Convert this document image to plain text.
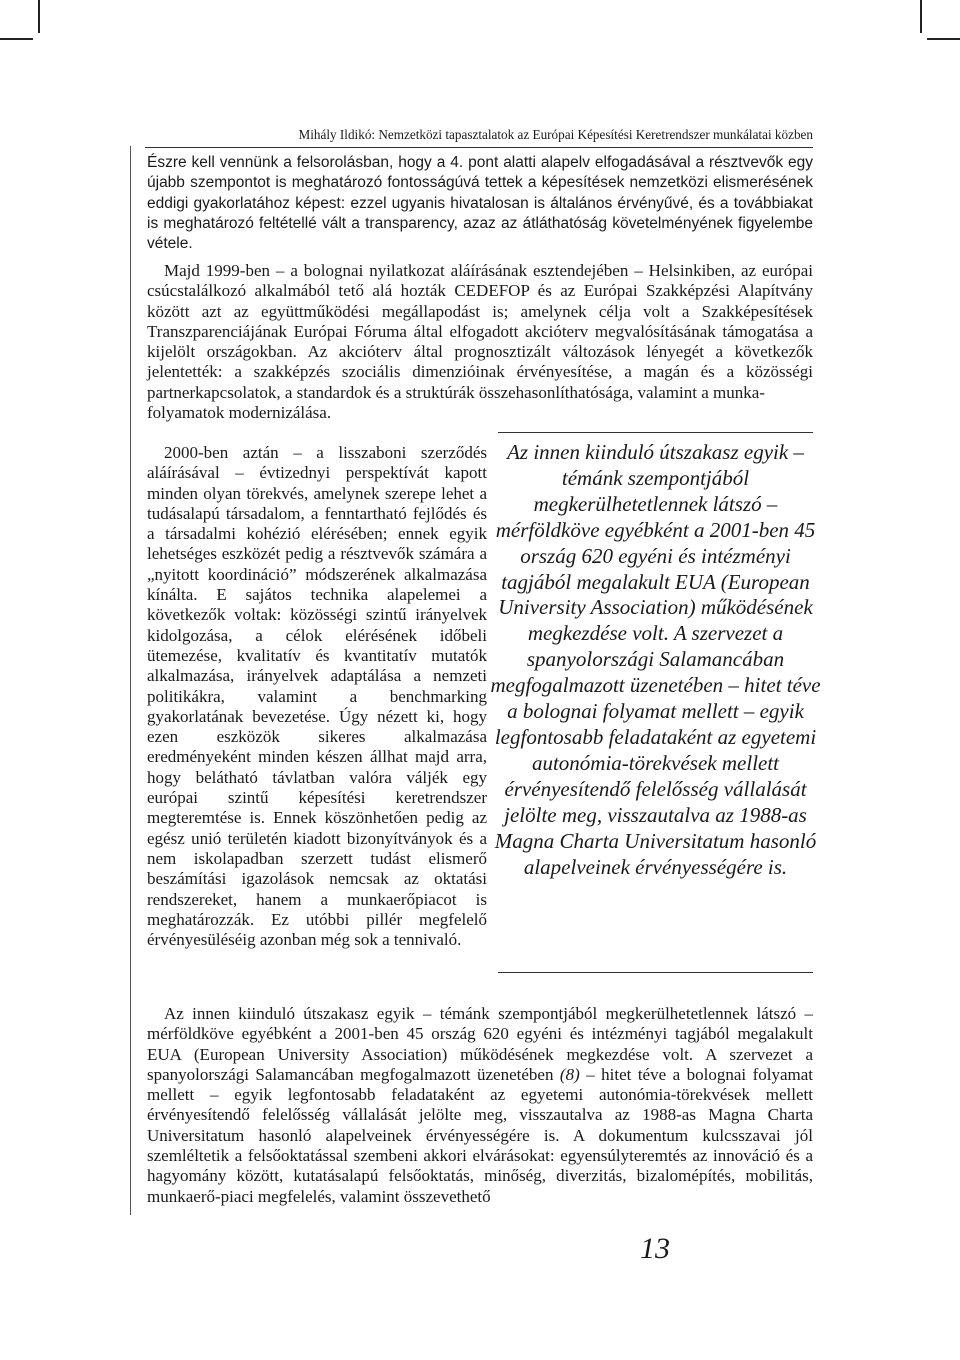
Mihály Ildikó: Nemzetközi tapasztalatok az Európai Képesítési Keretrendszer munkálatai közben

Észre kell vennünk a felsorolásban, hogy a 4. pont alatti alapelv elfogadásával a résztvevők egy újabb szempontot is meghatározó fontosságúvá tettek a képesítések nemzetközi elismerésének eddigi gyakorlatához képest: ezzel ugyanis hivatalosan is általános érvényűvé, és a továbbiakat is meghatározó feltétellé vált a transparency, azaz az átláthatóság követelményének figyelembe vétele.

Majd 1999-ben – a bolognai nyilatkozat aláírásának esztendejében – Helsinkiben, az európai csúcstalálkozó alkalmából tető alá hozták CEDEFOP és az Európai Szakképzési Alapítvány között azt az együttműködési megállapodást is; amelynek célja volt a Szakképesítések Transzparenciájának Európai Fóruma által elfogadott akcióterv megvalósításának támogatása a kijelölt országokban. Az akcióterv által prognosztizált változások lényegét a következők jelentették: a szakképzés szociális dimenzióinak érvényesítése, a magán és a közösségi partnerkapcsolatok, a standardok és a struktúrák összehasonlíthatósága, valamint a munka-

folyamatok modernizálása.

2000-ben aztán – a lisszaboni szerződés aláírásával – évtizednyi perspektívát kapott minden olyan törekvés, amelynek szerepe lehet a tudásalapú társadalom, a fenntartható fejlődés és a társadalmi kohézió elérésében; ennek egyik lehetséges eszközét pedig a résztvevők számára a „nyitott koordináció” módszerének alkalmazása kínálta. E sajátos technika alapelemei a következők voltak: közösségi szintű irányelvek kidolgozása, a célok elérésének időbeli ütemezése, kvalitatív és kvantitatív mutatók alkalmazása, irányelvek adaptálása a nemzeti politikákra, valamint a benchmarking gyakorlatának bevezetése. Úgy nézett ki, hogy ezen eszközök sikeres alkalmazása eredményeként minden készen állhat majd arra, hogy belátható távlatban valóra váljék egy európai szintű képesítési keretrendszer megteremtése is. Ennek köszönhetően pedig az egész unió területén kiadott bizonyítványok és a nem iskolapadban szerzett tudást elismerő beszámítási igazolások nemcsak az oktatási rendszereket, hanem a munkaerőpiacot is meghatározzák. Ez utóbbi pillér megfelelő érvényesüléséig azonban még sok a tennivaló.

Az innen kiinduló útszakasz egyik – témánk szempontjából megkerülhetetlennek látszó – mérföldköve egyébként a 2001-ben 45 ország 620 egyéni és intézményi tagjából megalakult EUA (European University Association) működésének megkezdése volt. A szervezet a spanyolországi Salamancában megfogalmazott üzenetében – hitet téve a bolognai folyamat mellett – egyik legfontosabb feladataként az egyetemi autonómia-törekvések mellett érvényesítendő felelősség vállalását jelölte meg, visszautalva az 1988-as Magna Charta Universitatum hasonló alapelveinek érvényességére is.

Az innen kiinduló útszakasz egyik – témánk szempontjából megkerülhetetlennek látszó – mérföldköve egyébként a 2001-ben 45 ország 620 egyéni és intézményi tagjából megalakult EUA (European University Association) működésének megkezdése volt. A szervezet a spanyolországi Salamancában megfogalmazott üzenetében (8) – hitet téve a bolognai folyamat mellett – egyik legfontosabb feladataként az egyetemi autonómia-törekvések mellett érvényesítendő felelősség vállalását jelölte meg, visszautalva az 1988-as Magna Charta Universitatum hasonló alapelveinek érvényességére is. A dokumentum kulcsszavai jól szemléltetik a felsőoktatással szembeni akkori elvárásokat: egyensúlyteremtés az innováció és a hagyomány között, kutatásalapú felsőoktatás, minőség, diverzitás, bizalomépítés, mobilitás, munkaerő-piaci megfelelés, valamint összevethető

13
